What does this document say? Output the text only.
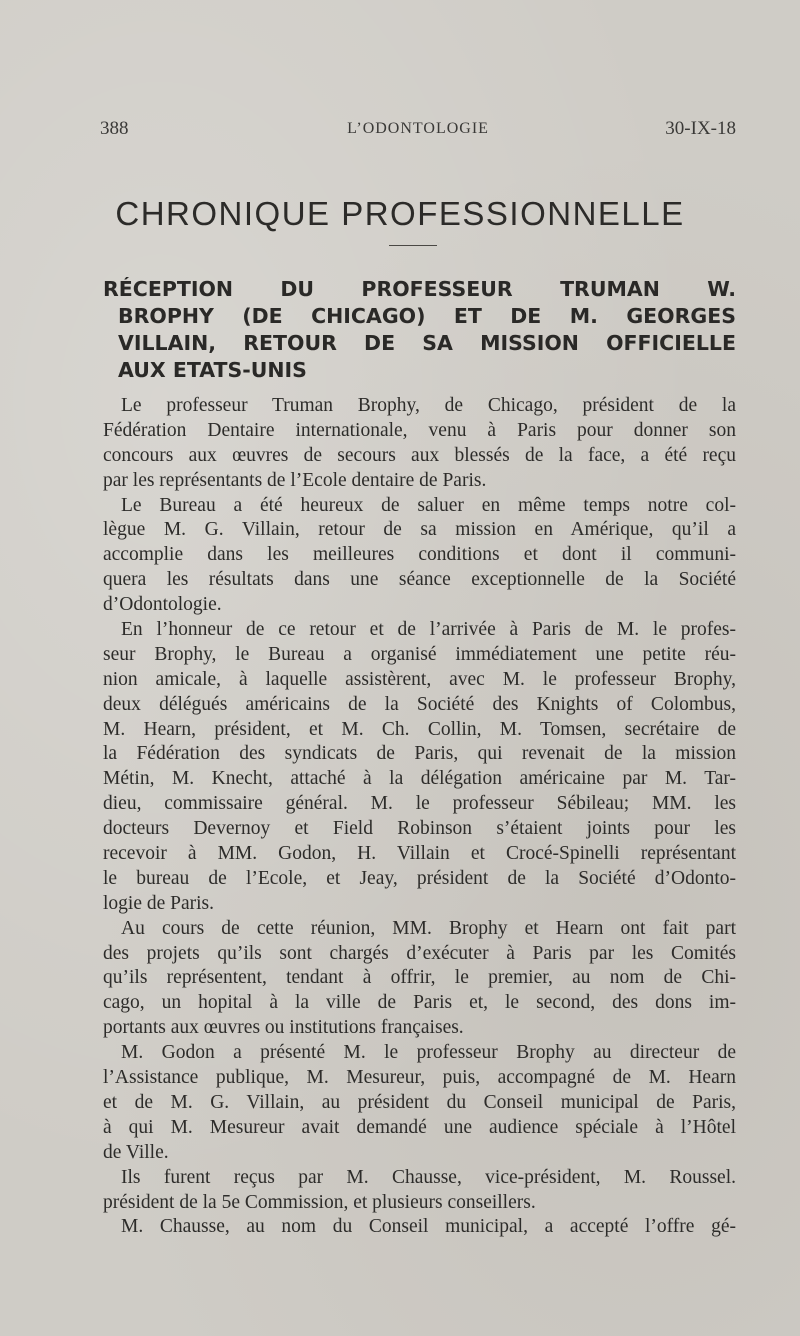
388	L’ODONTOLOGIE	30-IX-18
CHRONIQUE PROFESSIONNELLE
RÉCEPTION DU PROFESSEUR TRUMAN W.
BROPHY (DE CHICAGO) ET DE M. GEORGES
VILLAIN, RETOUR DE SA MISSION OFFICIELLE
AUX ETATS-UNIS
Le professeur Truman Brophy, de Chicago, président de la
Fédération Dentaire internationale, venu à Paris pour donner son
concours aux œuvres de secours aux blessés de la face, a été reçu
par les représentants de l’Ecole dentaire de Paris.
Le Bureau a été heureux de saluer en même temps notre col-
lègue M. G. Villain, retour de sa mission en Amérique, qu’il a
accomplie dans les meilleures conditions et dont il communi-
quera les résultats dans une séance exceptionnelle de la Société
d’Odontologie.
En l’honneur de ce retour et de l’arrivée à Paris de M. le profes-
seur Brophy, le Bureau a organisé immédiatement une petite réu-
nion amicale, à laquelle assistèrent, avec M. le professeur Brophy,
deux délégués américains de la Société des Knights of Colombus,
M. Hearn, président, et M. Ch. Collin, M. Tomsen, secrétaire de
la Fédération des syndicats de Paris, qui revenait de la mission
Métin, M. Knecht, attaché à la délégation américaine par M. Tar-
dieu, commissaire général. M. le professeur Sébileau; MM. les
docteurs Devernoy et Field Robinson s’étaient joints pour les
recevoir à MM. Godon, H. Villain et Crocé-Spinelli représentant
le bureau de l’Ecole, et Jeay, président de la Société d’Odonto-
logie de Paris.
Au cours de cette réunion, MM. Brophy et Hearn ont fait part
des projets qu’ils sont chargés d’exécuter à Paris par les Comités
qu’ils représentent, tendant à offrir, le premier, au nom de Chi-
cago, un hopital à la ville de Paris et, le second, des dons im-
portants aux œuvres ou institutions françaises.
M. Godon a présenté M. le professeur Brophy au directeur de
l’Assistance publique, M. Mesureur, puis, accompagné de M. Hearn
et de M. G. Villain, au président du Conseil municipal de Paris,
à qui M. Mesureur avait demandé une audience spéciale à l’Hôtel
de Ville.
Ils furent reçus par M. Chausse, vice-président, M. Roussel.
président de la 5e Commission, et plusieurs conseillers.
M. Chausse, au nom du Conseil municipal, a accepté l’offre gé-
